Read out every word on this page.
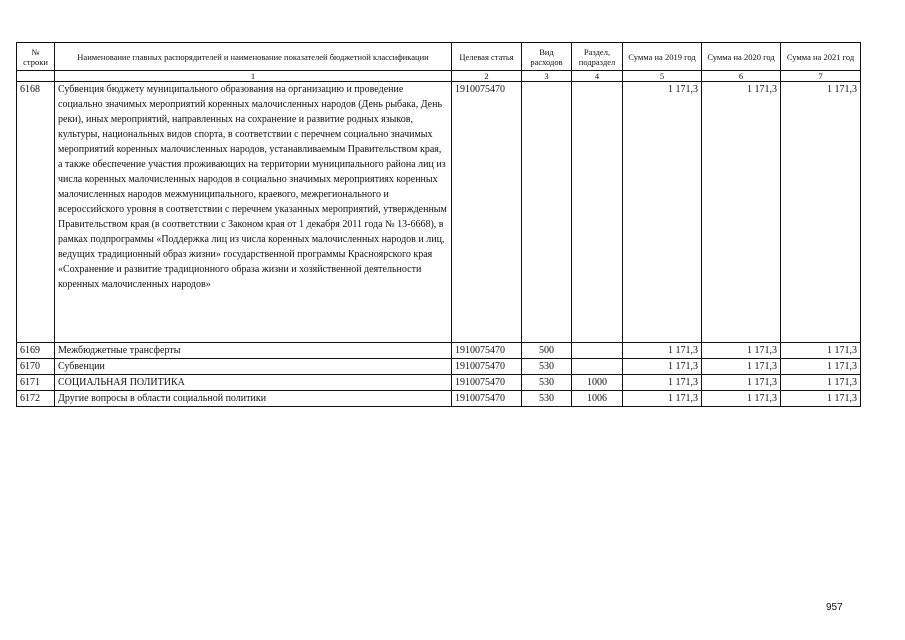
№ строки	Наименование главных распорядителей и наименование показателей бюджетной классификации	Целевая статья	Вид расходов	Раздел, подраздел	Сумма на 2019 год	Сумма на 2020 год	Сумма на 2021 год
	1	2	3	4	5	6	7
6168	Субвенция бюджету муниципального образования на организацию и проведение социально значимых мероприятий коренных малочисленных народов (День рыбака, День реки), иных мероприятий, направленных на сохранение и развитие родных языков, культуры, национальных видов спорта, в соответствии с перечнем социально значимых мероприятий коренных малочисленных народов, устанавливаемым Правительством края, а также обеспечение участия проживающих на территории муниципального района лиц из числа коренных малочисленных народов в социально значимых мероприятиях коренных малочисленных народов межмуниципального, краевого, межрегионального и всероссийского уровня в соответствии с перечнем указанных мероприятий, утвержденным Правительством края (в соответствии с Законом края от 1 декабря 2011 года № 13-6668), в рамках подпрограммы «Поддержка лиц из числа коренных малочисленных народов и лиц, ведущих традиционный образ жизни» государственной программы Красноярского края «Сохранение и развитие традиционного образа жизни и хозяйственной деятельности коренных малочисленных народов»	1910075470			1 171,3	1 171,3	1 171,3
6169	Межбюджетные трансферты	1910075470	500		1 171,3	1 171,3	1 171,3
6170	Субвенции	1910075470	530		1 171,3	1 171,3	1 171,3
6171	СОЦИАЛЬНАЯ ПОЛИТИКА	1910075470	530	1000	1 171,3	1 171,3	1 171,3
6172	Другие вопросы в области социальной политики	1910075470	530	1006	1 171,3	1 171,3	1 171,3
957
